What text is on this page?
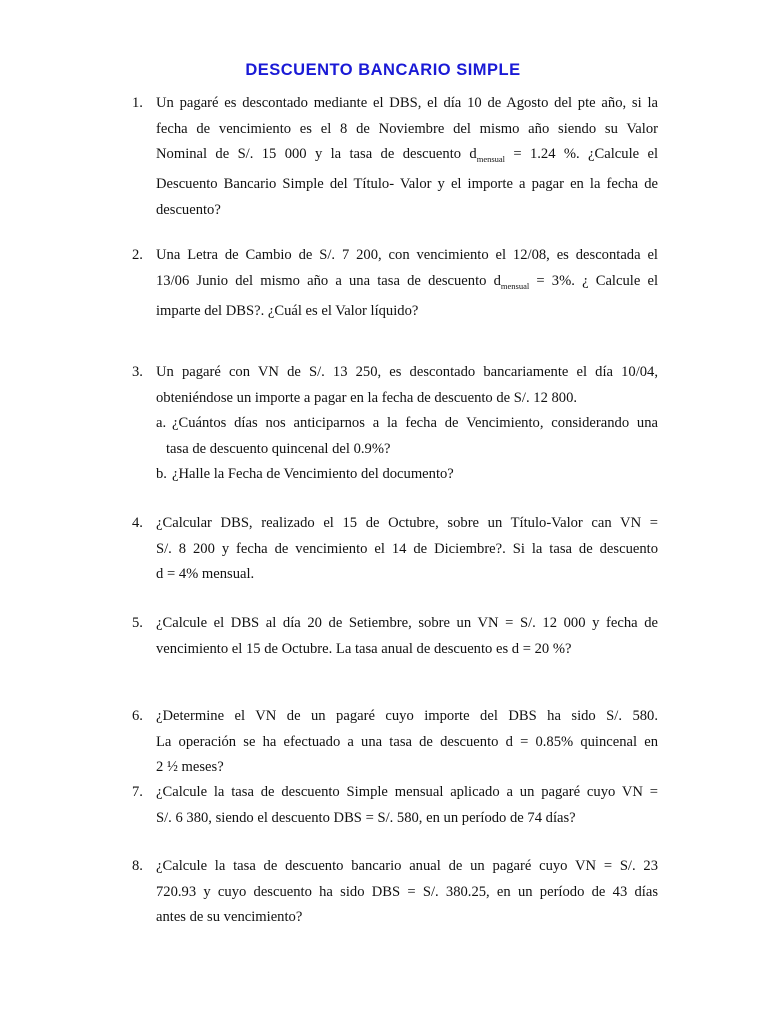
DESCUENTO BANCARIO SIMPLE
1. Un pagaré es descontado mediante el DBS, el día 10 de Agosto del pte año, si la
fecha de vencimiento es el 8 de Noviembre del mismo año siendo su Valor
Nominal de S/. 15 000 y la tasa de descuento $d_{mensual} = 1.24$ %. ¿Calcule el
Descuento Bancario Simple del Título- Valor y el importe a pagar en la fecha de
descuento?
2. Una Letra de Cambio de S/. 7 200, con vencimiento el 12/08, es descontada el
13/06 Junio del mismo año a una tasa de descuento $d_{mensual} = 3\%$. ¿ Calcule el
imparte del DBS?. ¿Cuál es el Valor líquido?
3. Un pagaré con VN de S/. 13 250, es descontado bancariamente el día 10/04,
obteniéndose un importe a pagar en la fecha de descuento de S/. 12 800.
a. ¿Cuántos días nos anticiparnos a la fecha de Vencimiento, considerando una
tasa de descuento quincenal del 0.9%?
b. ¿Halle la Fecha de Vencimiento del documento?
4. ¿Calcular DBS, realizado el 15 de Octubre, sobre un Título-Valor can VN =
S/. 8 200 y fecha de vencimiento el 14 de Diciembre?. Si la tasa de descuento
d = 4% mensual.
5. ¿Calcule el DBS al día 20 de Setiembre, sobre un VN = S/. 12 000 y fecha de
vencimiento el 15 de Octubre. La tasa anual de descuento es d = 20 %?
6. ¿Determine el VN de un pagaré cuyo importe del DBS ha sido S/. 580.
La operación se ha efectuado a una tasa de descuento d = 0.85% quincenal en
2 ½ meses?
7. ¿Calcule la tasa de descuento Simple mensual aplicado a un pagaré cuyo VN =
S/. 6 380, siendo el descuento DBS = S/. 580, en un período de 74 días?
8. ¿Calcule la tasa de descuento bancario anual de un pagaré cuyo VN = S/. 23
720.93 y cuyo descuento ha sido DBS = S/. 380.25, en un período de 43 días
antes de su vencimiento?
